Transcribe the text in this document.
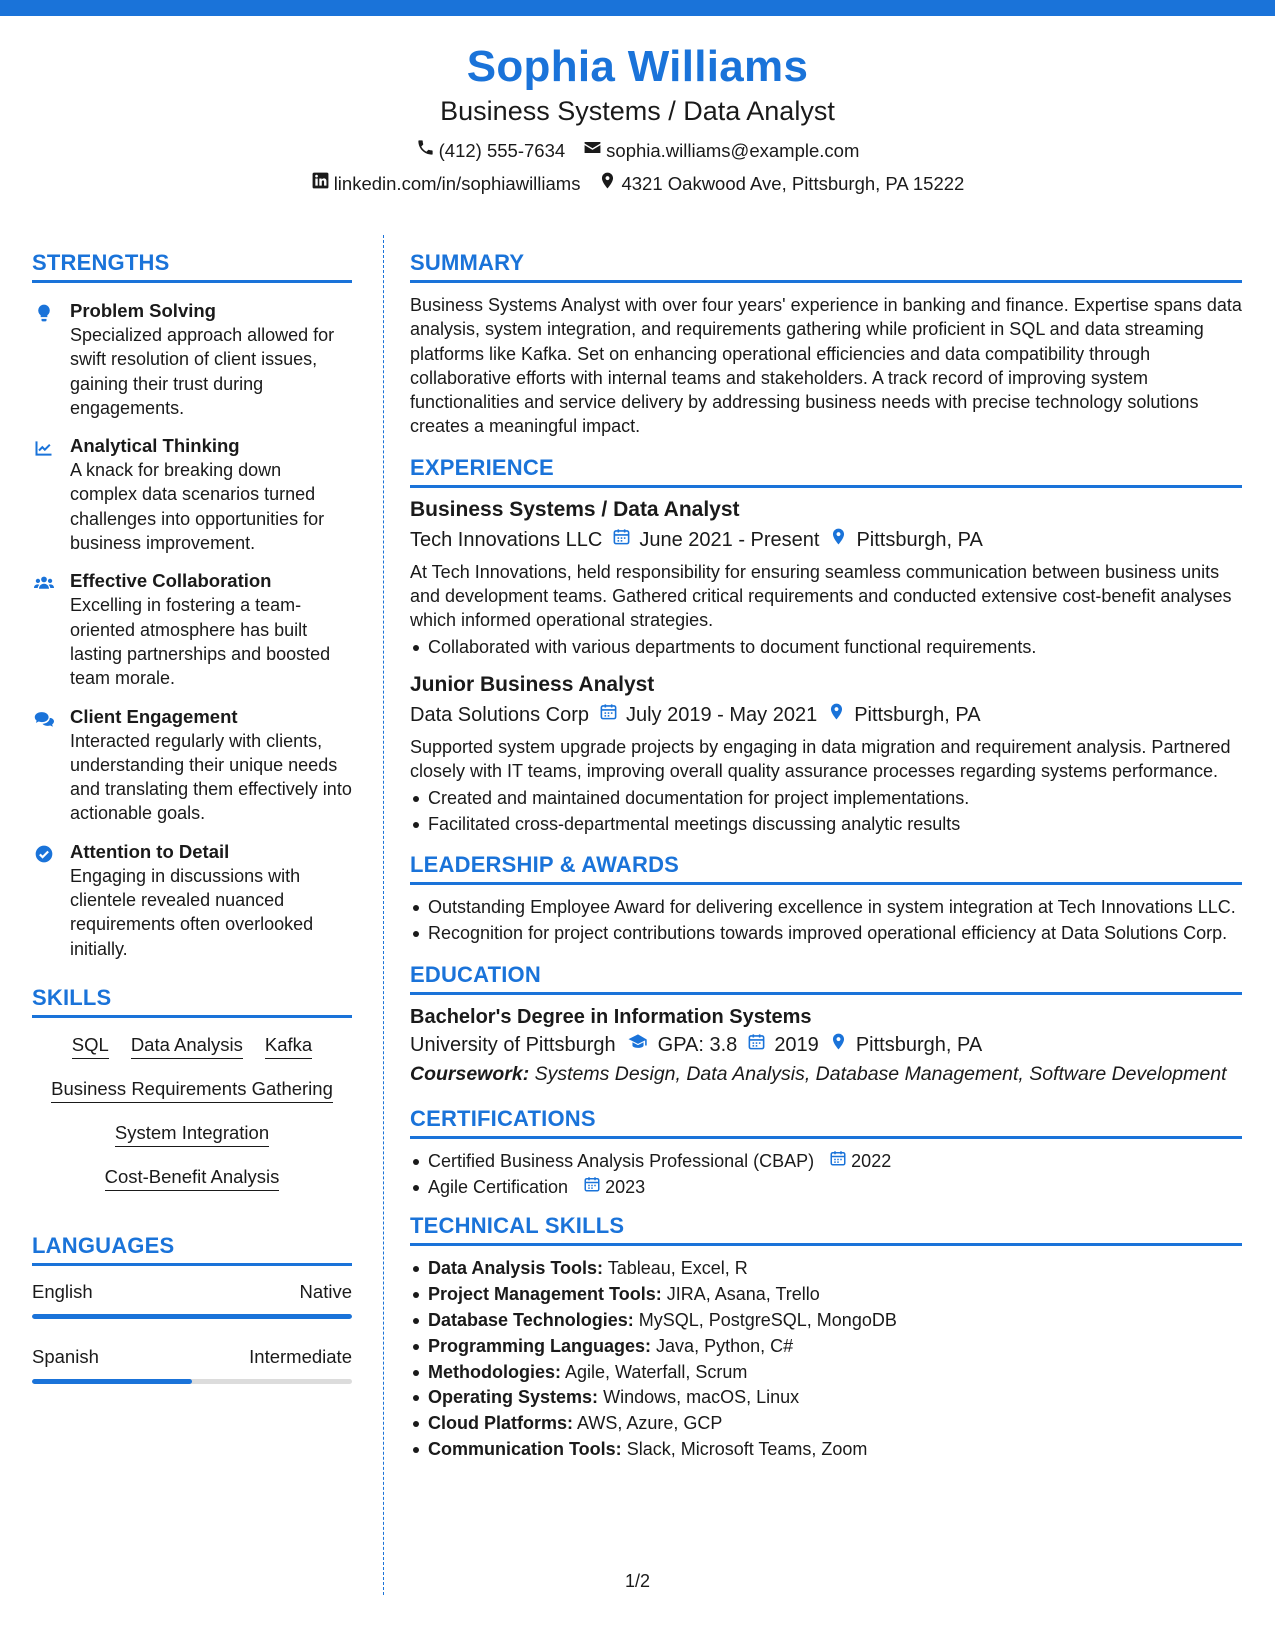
Sophia Williams
Business Systems / Data Analyst
(412) 555-7634 sophia.williams@example.com
linkedin.com/in/sophiawilliams 4321 Oakwood Ave, Pittsburgh, PA 15222
STRENGTHS
Problem Solving
Specialized approach allowed for swift resolution of client issues, gaining their trust during engagements.
Analytical Thinking
A knack for breaking down complex data scenarios turned challenges into opportunities for business improvement.
Effective Collaboration
Excelling in fostering a team-oriented atmosphere has built lasting partnerships and boosted team morale.
Client Engagement
Interacted regularly with clients, understanding their unique needs and translating them effectively into actionable goals.
Attention to Detail
Engaging in discussions with clientele revealed nuanced requirements often overlooked initially.
SKILLS
SQL Data Analysis Kafka
Business Requirements Gathering
System Integration
Cost-Benefit Analysis
LANGUAGES
English	Native
Spanish	Intermediate
SUMMARY
Business Systems Analyst with over four years' experience in banking and finance. Expertise spans data analysis, system integration, and requirements gathering while proficient in SQL and data streaming platforms like Kafka. Set on enhancing operational efficiencies and data compatibility through collaborative efforts with internal teams and stakeholders. A track record of improving system functionalities and service delivery by addressing business needs with precise technology solutions creates a meaningful impact.
EXPERIENCE
Business Systems / Data Analyst
Tech Innovations LLC June 2021 - Present Pittsburgh, PA
At Tech Innovations, held responsibility for ensuring seamless communication between business units and development teams. Gathered critical requirements and conducted extensive cost-benefit analyses which informed operational strategies.
Collaborated with various departments to document functional requirements.
Junior Business Analyst
Data Solutions Corp July 2019 - May 2021 Pittsburgh, PA
Supported system upgrade projects by engaging in data migration and requirement analysis. Partnered closely with IT teams, improving overall quality assurance processes regarding systems performance.
Created and maintained documentation for project implementations.
Facilitated cross-departmental meetings discussing analytic results
LEADERSHIP & AWARDS
Outstanding Employee Award for delivering excellence in system integration at Tech Innovations LLC.
Recognition for project contributions towards improved operational efficiency at Data Solutions Corp.
EDUCATION
Bachelor's Degree in Information Systems
University of Pittsburgh GPA: 3.8 2019 Pittsburgh, PA
Coursework: Systems Design, Data Analysis, Database Management, Software Development
CERTIFICATIONS
Certified Business Analysis Professional (CBAP) 2022
Agile Certification 2023
TECHNICAL SKILLS
Data Analysis Tools: Tableau, Excel, R
Project Management Tools: JIRA, Asana, Trello
Database Technologies: MySQL, PostgreSQL, MongoDB
Programming Languages: Java, Python, C#
Methodologies: Agile, Waterfall, Scrum
Operating Systems: Windows, macOS, Linux
Cloud Platforms: AWS, Azure, GCP
Communication Tools: Slack, Microsoft Teams, Zoom
1/2
